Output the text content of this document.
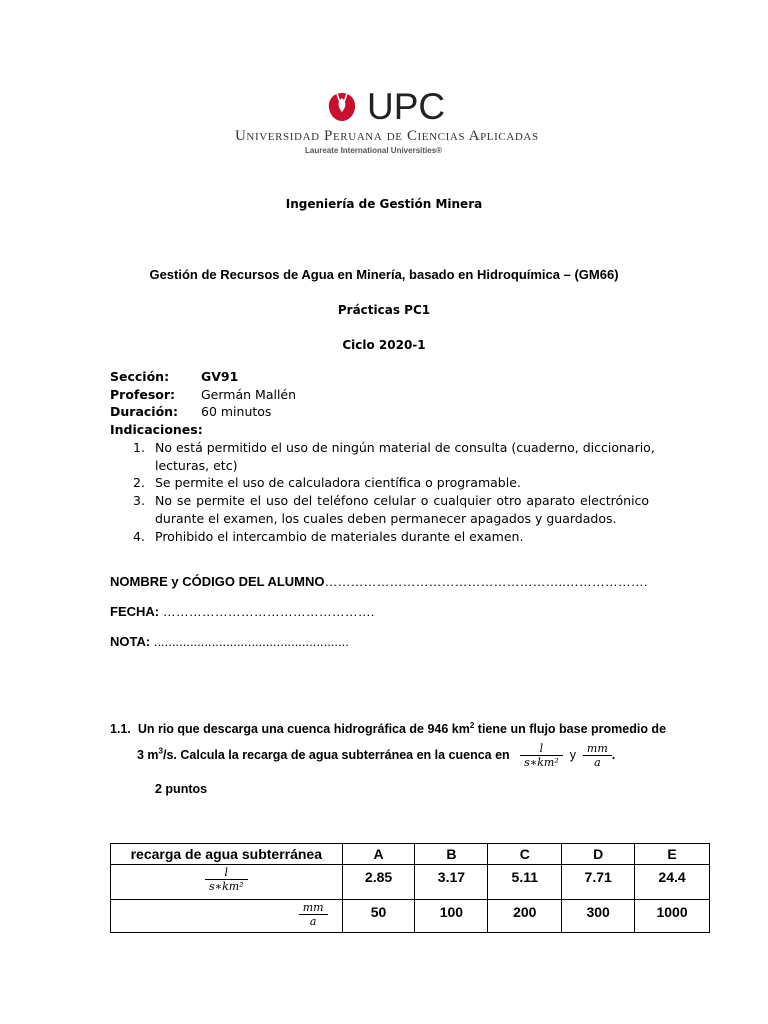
UPC
Universidad Peruana de Ciencias Aplicadas
Laureate International Universities®
Ingeniería de Gestión Minera
Gestión de Recursos de Agua en Minería, basado en Hidroquímica – (GM66)
Prácticas PC1
Ciclo 2020-1
Sección:	GV91
Profesor: Germán Mallén
Duración: 60 minutos
Indicaciones:
1. No está permitido el uso de ningún material de consulta (cuaderno, diccionario,
lecturas, etc)
2. Se permite el uso de calculadora científica o programable.
3. No se permite el uso del teléfono celular o cualquier otro aparato electrónico
durante el examen, los cuales deben permanecer apagados y guardados.
4. Prohibido el intercambio de materiales durante el examen.
NOMBRE y CÓDIGO DEL ALUMNO………………………………………………..……………….
FECHA: ………………………………………….
NOTA: ......................................................
1.1. Un rio que descarga una cuenca hidrográfica de 946 $km^2$ tiene un flujo base promedio de
3 $m^3/s$. Calcula la recarga de agua subterránea en la cuenca en $\frac{l}{\text{s∗km²}}$ y $\frac{mm}{a}$ .
2 puntos
recarga de agua subterránea	A	B	C	D	E

$\frac{l}{\text{s∗km²}}$	2.85	3.17	5.11	7.71	24.4

$\frac{mm}{a}$	50	100	200	300	1000
